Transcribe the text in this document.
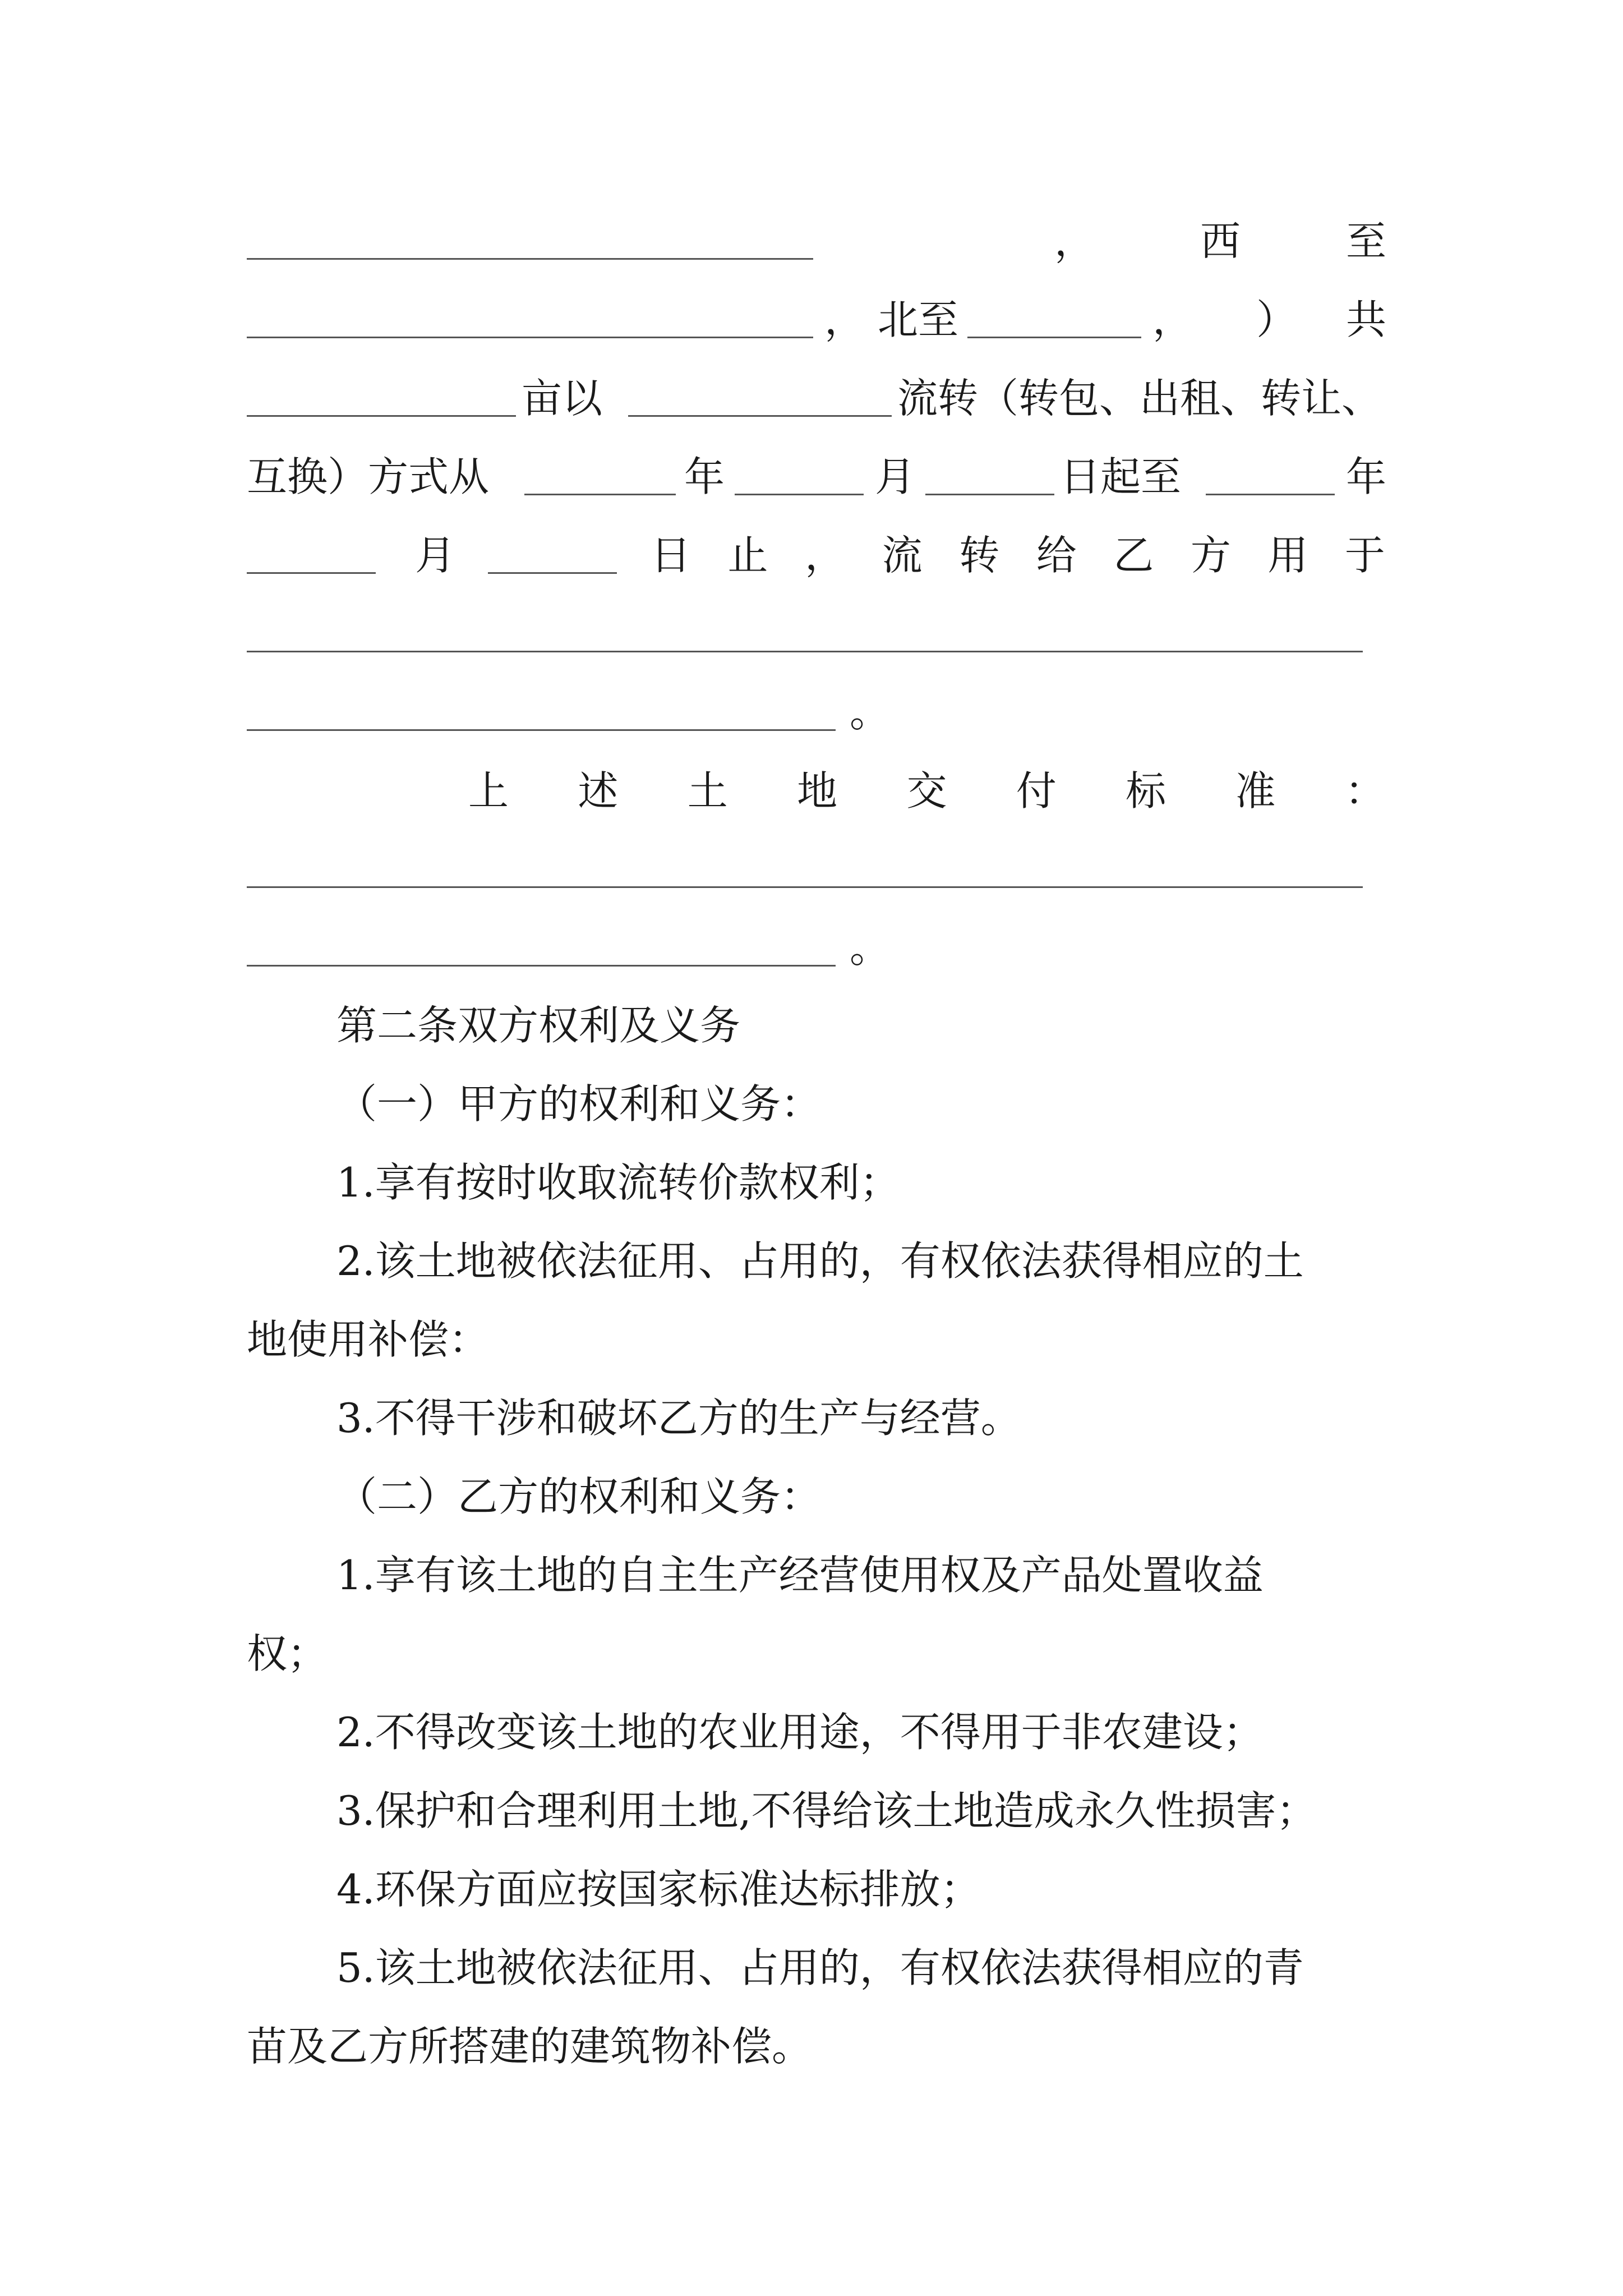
，	西	至
， 北至	， ） 共
亩以	流转（转包、出租、转让、
互换）方式从	年	月	日起至	年
月	日 止 ， 流 转 给 乙 方 用 于
。
上 述 土 地 交 付 标 准 ：
。
第二条双方权利及义务
（一）甲方的权利和义务：
1.享有按时收取流转价款权利；
2.该土地被依法征用、占用的，有权依法获得相应的土
地使用补偿：
3.不得干涉和破坏乙方的生产与经营。
（二）乙方的权利和义务：
1.享有该土地的自主生产经营使用权及产品处置收益
权；
2.不得改变该土地的农业用途，不得用于非农建设；
3.保护和合理利用土地,不得给该土地造成永久性损害；
4.环保方面应按国家标准达标排放；
5.该土地被依法征用、占用的，有权依法获得相应的青
苗及乙方所搭建的建筑物补偿。
